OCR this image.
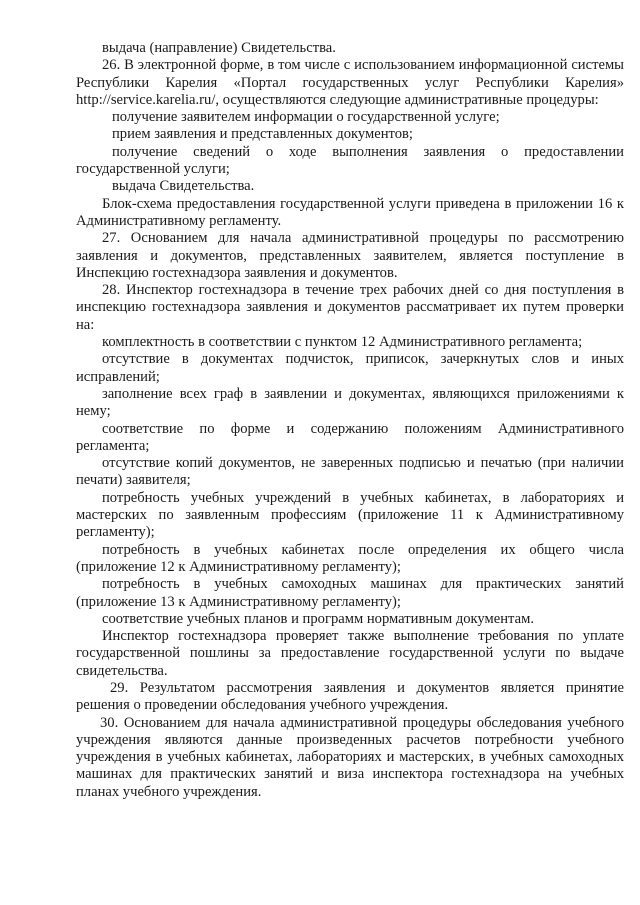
выдача (направление) Свидетельства.

26. В электронной форме, в том числе с использованием информационной системы Республики Карелия «Портал государственных услуг Республики Карелия» http://service.karelia.ru/, осуществляются следующие административные процедуры:

получение заявителем информации о государственной услуге;

прием заявления и представленных документов;

получение сведений о ходе выполнения заявления о предоставлении государственной услуги;

выдача Свидетельства.

Блок-схема предоставления государственной услуги приведена в приложении 16 к Административному регламенту.

27. Основанием для начала административной процедуры по рассмотрению заявления и документов, представленных заявителем, является поступление в Инспекцию гостехнадзора заявления и документов.

28. Инспектор гостехнадзора в течение трех рабочих дней со дня поступления в инспекцию гостехнадзора заявления и документов рассматривает их путем проверки на:

комплектность в соответствии с пунктом 12 Административного регламента;

отсутствие в документах подчисток, приписок, зачеркнутых слов и иных исправлений;

заполнение всех граф в заявлении и документах, являющихся приложениями к нему;

соответствие по форме и содержанию положениям Административного регламента;

отсутствие копий документов, не заверенных подписью и печатью (при наличии печати) заявителя;

потребность учебных учреждений в учебных кабинетах, в лабораториях и мастерских по заявленным профессиям (приложение 11 к Административному регламенту);

потребность в учебных кабинетах после определения их общего числа (приложение 12 к Административному регламенту);

потребность в учебных самоходных машинах для практических занятий (приложение 13 к Административному регламенту);

соответствие учебных планов и программ нормативным документам.

Инспектор гостехнадзора проверяет также выполнение требования по уплате государственной пошлины за предоставление государственной услуги по выдаче свидетельства.

29. Результатом рассмотрения заявления и документов является принятие решения о проведении обследования учебного учреждения.

30. Основанием для начала административной процедуры обследования учебного учреждения являются данные произведенных расчетов потребности учебного учреждения в учебных кабинетах, лабораториях и мастерских, в учебных самоходных машинах для практических занятий и виза инспектора гостехнадзора на учебных планах учебного учреждения.
